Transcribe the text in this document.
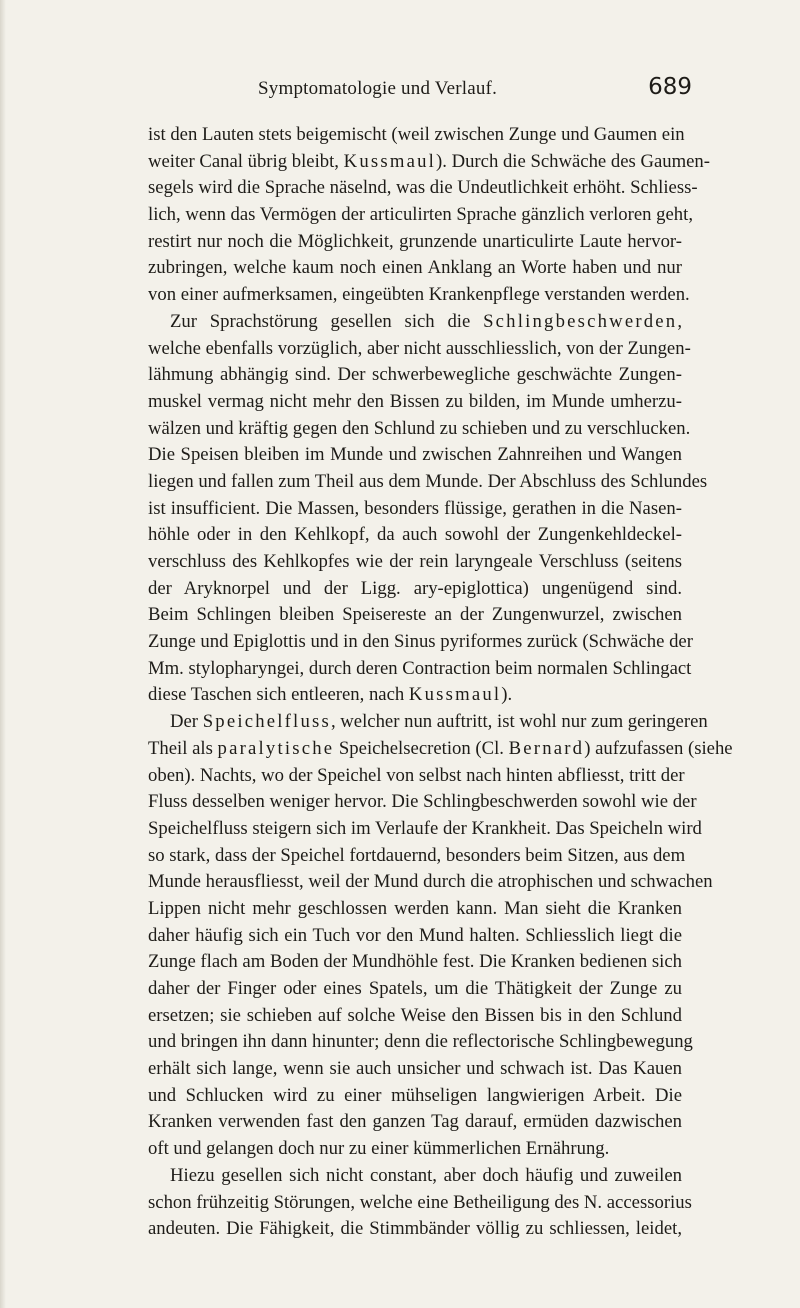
Symptomatologie und Verlauf.	689
ist den Lauten stets beigemischt (weil zwischen Zunge und Gaumen ein
weiter Canal übrig bleibt, Kussmaul). Durch die Schwäche des Gaumen-
segels wird die Sprache näselnd, was die Undeutlichkeit erhöht. Schliess-
lich, wenn das Vermögen der articulirten Sprache gänzlich verloren geht,
restirt nur noch die Möglichkeit, grunzende unarticulirte Laute hervor-
zubringen, welche kaum noch einen Anklang an Worte haben und nur
von einer aufmerksamen, eingeübten Krankenpflege verstanden werden.
Zur Sprachstörung gesellen sich die Schlingbeschwerden,
welche ebenfalls vorzüglich, aber nicht ausschliesslich, von der Zungen-
lähmung abhängig sind. Der schwerbewegliche geschwächte Zungen-
muskel vermag nicht mehr den Bissen zu bilden, im Munde umherzu-
wälzen und kräftig gegen den Schlund zu schieben und zu verschlucken.
Die Speisen bleiben im Munde und zwischen Zahnreihen und Wangen
liegen und fallen zum Theil aus dem Munde. Der Abschluss des Schlundes
ist insufficient. Die Massen, besonders flüssige, gerathen in die Nasen-
höhle oder in den Kehlkopf, da auch sowohl der Zungenkehldeckel-
verschluss des Kehlkopfes wie der rein laryngeale Verschluss (seitens
der Aryknorpel und der Ligg. ary-epiglottica) ungenügend sind.
Beim Schlingen bleiben Speisereste an der Zungenwurzel, zwischen
Zunge und Epiglottis und in den Sinus pyriformes zurück (Schwäche der
Mm. stylopharyngei, durch deren Contraction beim normalen Schlingact
diese Taschen sich entleeren, nach Kussmaul).
Der Speichelfluss, welcher nun auftritt, ist wohl nur zum geringeren
Theil als paralytische Speichelsecretion (Cl. Bernard) aufzufassen (siehe
oben). Nachts, wo der Speichel von selbst nach hinten abfliesst, tritt der
Fluss desselben weniger hervor. Die Schlingbeschwerden sowohl wie der
Speichelfluss steigern sich im Verlaufe der Krankheit. Das Speicheln wird
so stark, dass der Speichel fortdauernd, besonders beim Sitzen, aus dem
Munde herausfliesst, weil der Mund durch die atrophischen und schwachen
Lippen nicht mehr geschlossen werden kann. Man sieht die Kranken
daher häufig sich ein Tuch vor den Mund halten. Schliesslich liegt die
Zunge flach am Boden der Mundhöhle fest. Die Kranken bedienen sich
daher der Finger oder eines Spatels, um die Thätigkeit der Zunge zu
ersetzen; sie schieben auf solche Weise den Bissen bis in den Schlund
und bringen ihn dann hinunter; denn die reflectorische Schlingbewegung
erhält sich lange, wenn sie auch unsicher und schwach ist. Das Kauen
und Schlucken wird zu einer mühseligen langwierigen Arbeit. Die
Kranken verwenden fast den ganzen Tag darauf, ermüden dazwischen
oft und gelangen doch nur zu einer kümmerlichen Ernährung.
Hiezu gesellen sich nicht constant, aber doch häufig und zuweilen
schon frühzeitig Störungen, welche eine Betheiligung des N. accessorius
andeuten. Die Fähigkeit, die Stimmbänder völlig zu schliessen, leidet,
